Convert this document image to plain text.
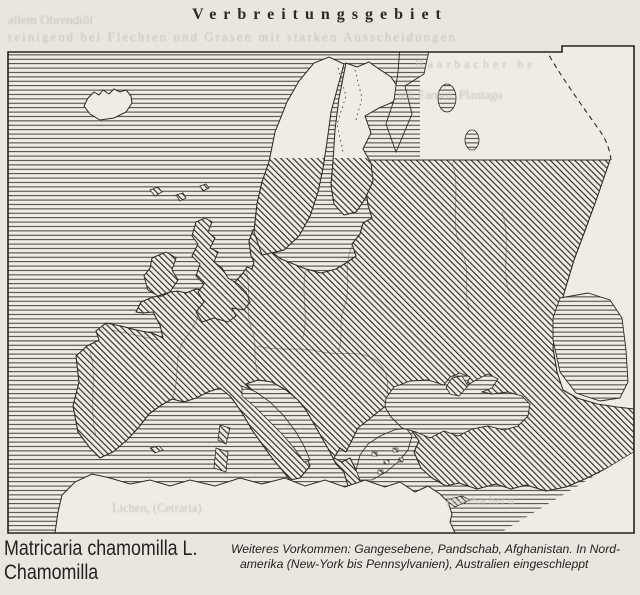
allem Ohrendiöl
reinigend bei Flechten und Grasen mit starken Ausscheidungen
Haarbacher be
mit Farnen, Plantago
Hornbacher u
Lichen, (Cetraria)
Verbreitungsgebiet
Matricaria chamomilla L.
Chamomilla
Weiteres Vorkommen: Gangesebene, Pandschab, Afghanistan. In Nord-
amerika (New-York bis Pennsylvanien), Australien eingeschleppt
